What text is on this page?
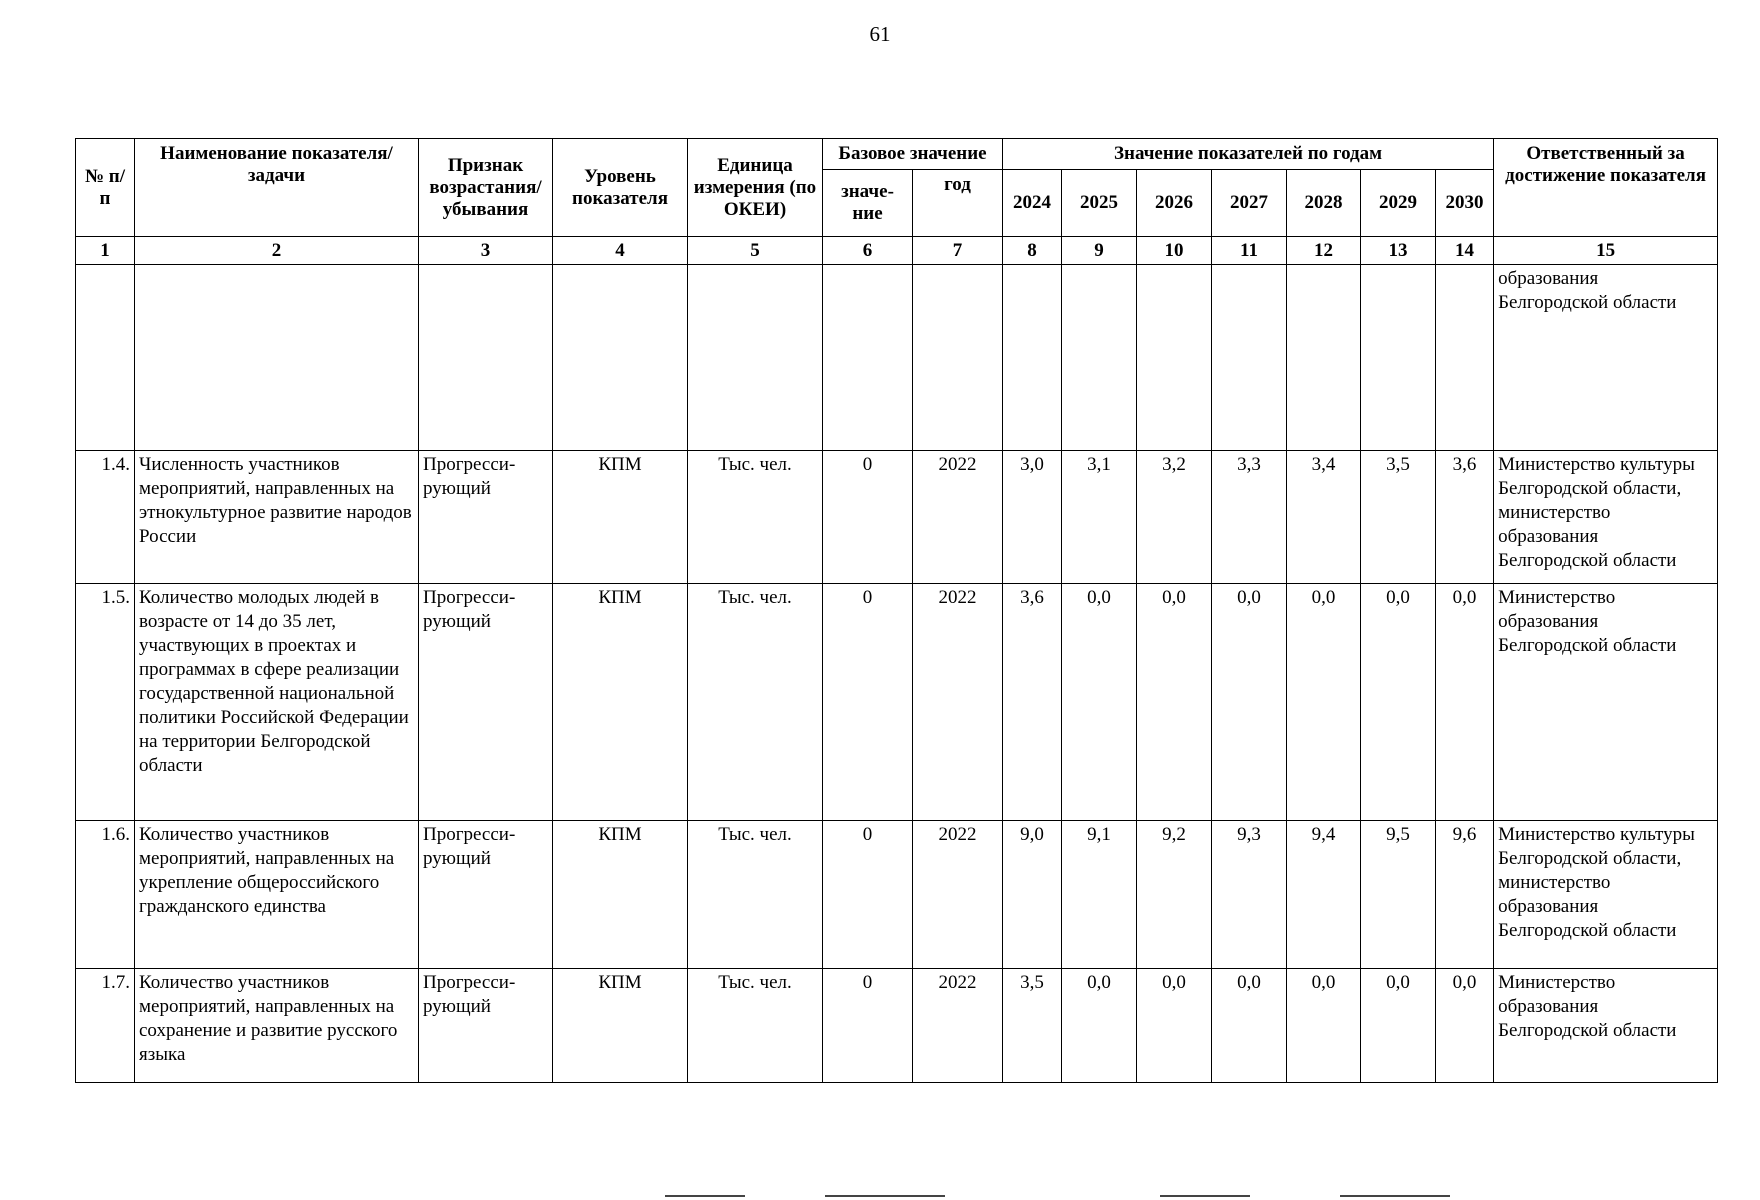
61
№ п/п	Наименование показателя/задачи	Признак возрастания/ убывания	Уровень показателя	Единица измерения (по ОКЕИ)	Базовое значение		Значение показателей по годам							Ответственный за достижение показателя
					значе-ние	год	2024	2025	2026	2027	2028	2029	2030	
1	2	3	4	5	6	7	8	9	10	11	12	13	14	15
														образования Белгородской области
1.4.	Численность участников мероприятий, направленных на этнокультурное развитие народов России	Прогресси-рующий	КПМ	Тыс. чел.	0	2022	3,0	3,1	3,2	3,3	3,4	3,5	3,6	Министерство культуры Белгородской области, министерство образования Белгородской области
1.5.	Количество молодых людей в возрасте от 14 до 35 лет, участвующих в проектах и программах в сфере реализации государственной национальной политики Российской Федерации на территории Белгородской области	Прогресси-рующий	КПМ	Тыс. чел.	0	2022	3,6	0,0	0,0	0,0	0,0	0,0	0,0	Министерство образования Белгородской области
1.6.	Количество участников мероприятий, направленных на укрепление общероссийского гражданского единства	Прогресси-рующий	КПМ	Тыс. чел.	0	2022	9,0	9,1	9,2	9,3	9,4	9,5	9,6	Министерство культуры Белгородской области, министерство образования Белгородской области
1.7.	Количество участников мероприятий, направленных на сохранение и развитие русского языка	Прогресси-рующий	КПМ	Тыс. чел.	0	2022	3,5	0,0	0,0	0,0	0,0	0,0	0,0	Министерство образования Белгородской области
